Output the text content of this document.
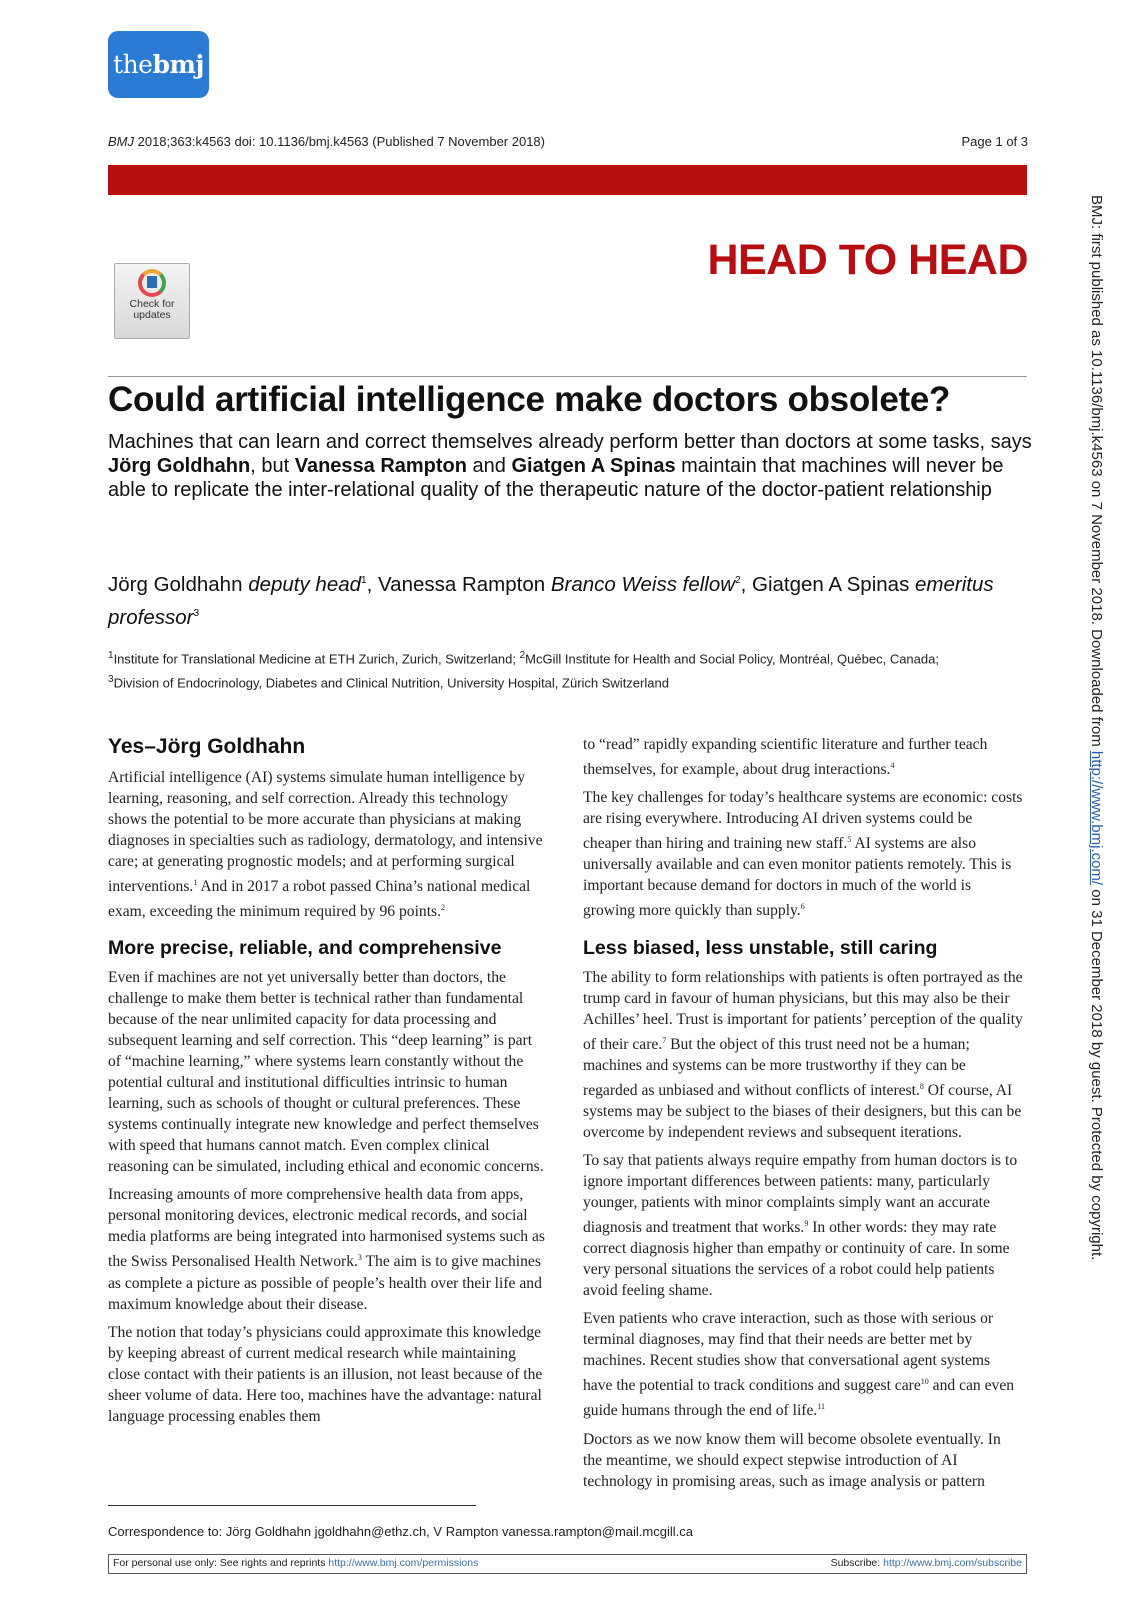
the bmj
BMJ 2018;363:k4563 doi: 10.1136/bmj.k4563 (Published 7 November 2018)	Page 1 of 3
HEAD TO HEAD
Check for updates
Could artificial intelligence make doctors obsolete?

Machines that can learn and correct themselves already perform better than doctors at some tasks, says Jörg Goldhahn, but Vanessa Rampton and Giatgen A Spinas maintain that machines will never be able to replicate the inter-relational quality of the therapeutic nature of the doctor-patient relationship

Jörg Goldhahn deputy head$^1$, Vanessa Rampton Branco Weiss fellow$^2$, Giatgen A Spinas emeritus professor$^3$
$^1$Institute for Translational Medicine at ETH Zurich, Zurich, Switzerland; $^2$McGill Institute for Health and Social Policy, Montréal, Québec, Canada;
$^3$Division of Endocrinology, Diabetes and Clinical Nutrition, University Hospital, Zürich Switzerland
Yes–Jörg Goldhahn

Artificial intelligence (AI) systems simulate human intelligence by learning, reasoning, and self correction. Already this technology shows the potential to be more accurate than physicians at making diagnoses in specialties such as radiology, dermatology, and intensive care; at generating prognostic models; and at performing surgical interventions.$^1$ And in 2017 a robot passed China’s national medical exam, exceeding the minimum required by 96 points.$^2$

More precise, reliable, and comprehensive

Even if machines are not yet universally better than doctors, the challenge to make them better is technical rather than fundamental because of the near unlimited capacity for data processing and subsequent learning and self correction. This “deep learning” is part of “machine learning,” where systems learn constantly without the potential cultural and institutional difficulties intrinsic to human learning, such as schools of thought or cultural preferences. These systems continually integrate new knowledge and perfect themselves with speed that humans cannot match. Even complex clinical reasoning can be simulated, including ethical and economic concerns.

Increasing amounts of more comprehensive health data from apps, personal monitoring devices, electronic medical records, and social media platforms are being integrated into harmonised systems such as the Swiss Personalised Health Network.$^3$ The aim is to give machines as complete a picture as possible of people’s health over their life and maximum knowledge about their disease.

The notion that today’s physicians could approximate this knowledge by keeping abreast of current medical research while maintaining close contact with their patients is an illusion, not least because of the sheer volume of data. Here too, machines have the advantage: natural language processing enables them

to “read” rapidly expanding scientific literature and further teach themselves, for example, about drug interactions.$^4$

The key challenges for today’s healthcare systems are economic: costs are rising everywhere. Introducing AI driven systems could be cheaper than hiring and training new staff.$^5$ AI systems are also universally available and can even monitor patients remotely. This is important because demand for doctors in much of the world is growing more quickly than supply.$^6$

Less biased, less unstable, still caring

The ability to form relationships with patients is often portrayed as the trump card in favour of human physicians, but this may also be their Achilles’ heel. Trust is important for patients’ perception of the quality of their care.$^7$ But the object of this trust need not be a human; machines and systems can be more trustworthy if they can be regarded as unbiased and without conflicts of interest.$^8$ Of course, AI systems may be subject to the biases of their designers, but this can be overcome by independent reviews and subsequent iterations.

To say that patients always require empathy from human doctors is to ignore important differences between patients: many, particularly younger, patients with minor complaints simply want an accurate diagnosis and treatment that works.$^9$ In other words: they may rate correct diagnosis higher than empathy or continuity of care. In some very personal situations the services of a robot could help patients avoid feeling shame.

Even patients who crave interaction, such as those with serious or terminal diagnoses, may find that their needs are better met by machines. Recent studies show that conversational agent systems have the potential to track conditions and suggest care$^{10}$ and can even guide humans through the end of life.$^{11}$

Doctors as we now know them will become obsolete eventually. In the meantime, we should expect stepwise introduction of AI technology in promising areas, such as image analysis or pattern

Correspondence to: Jörg Goldhahn jgoldhahn@ethz.ch, V Rampton vanessa.rampton@mail.mcgill.ca
For personal use only: See rights and reprints http://www.bmj.com/permissions	Subscribe: http://www.bmj.com/subscribe
BMJ: first published as 10.1136/bmj.k4563 on 7 November 2018. Downloaded from http://www.bmj.com/ on 31 December 2018 by guest. Protected by copyright.
